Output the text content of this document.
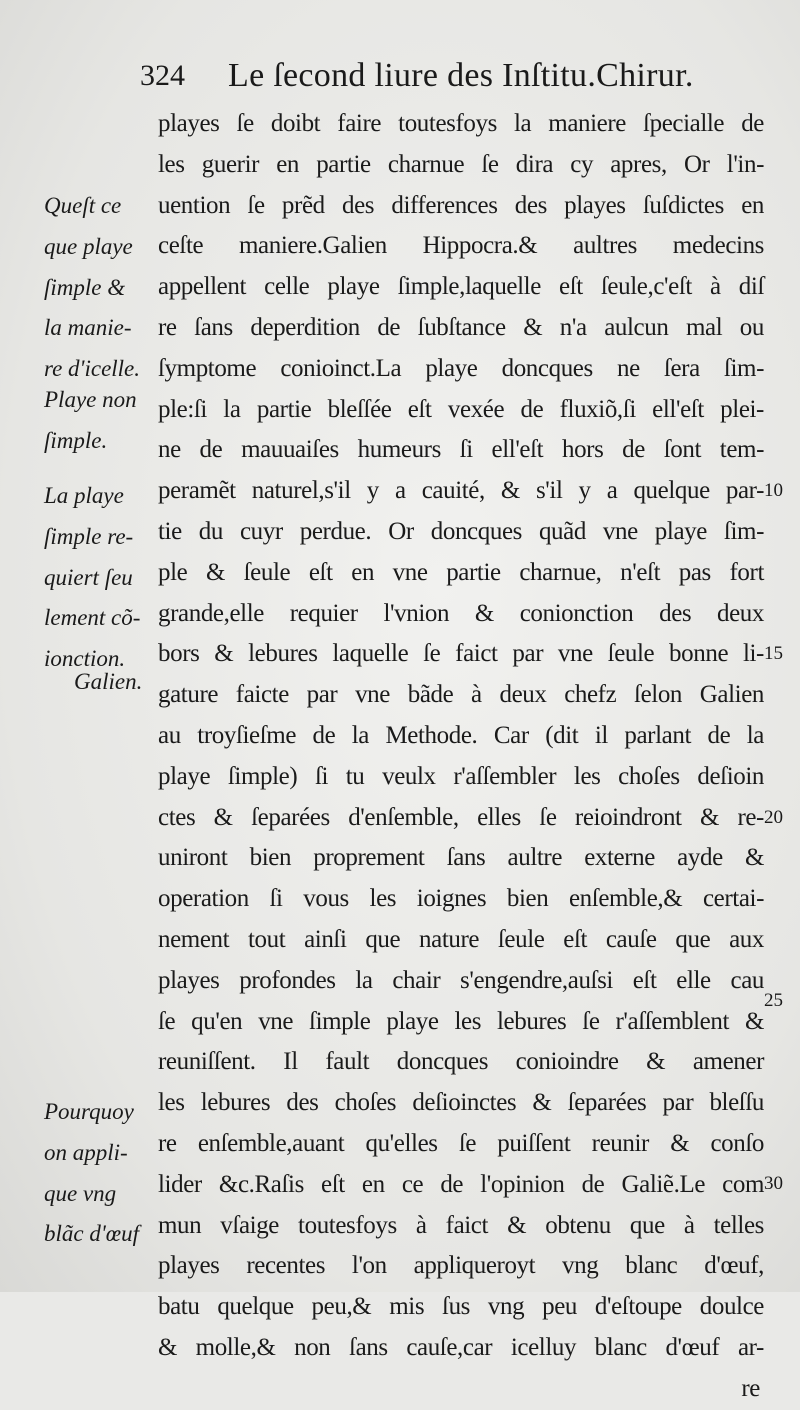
324 Le ſecond liure des Inſtitu.Chirur.
playes ſe doibt faire toutesfoys la maniere ſpecialle de
les guerir en partie charnue ſe dira cy apres, Or l'in-
uention ſe prẽd des differences des playes ſuſdictes en
ceſte maniere.Galien Hippocra.& aultres medecins
appellent celle playe ſimple,laquelle eſt ſeule,c'eſt à diſ
re ſans deperdition de ſubſtance & n'a aulcun mal ou
ſymptome conioinct.La playe doncques ne ſera ſim-
ple:ſi la partie bleſſée eſt vexée de fluxiõ,ſi ell'eſt plei-
ne de mauuaiſes humeurs ſi ell'eſt hors de ſont tem-
peramẽt naturel,s'il y a cauité, & s'il y a quelque par-
tie du cuyr perdue. Or doncques quãd vne playe ſim-
ple & ſeule eſt en vne partie charnue, n'eſt pas fort
grande,elle requier l'vnion & conionction des deux
bors & lebures laquelle ſe faict par vne ſeule bonne li-
gature faicte par vne bãde à deux chefz ſelon Galien
au troyſieſme de la Methode. Car (dit il parlant de la
playe ſimple) ſi tu veulx r'aſſembler les choſes deſioin
ctes & ſeparées d'enſemble, elles ſe reioindront & re-
uniront bien proprement ſans aultre externe ayde &
operation ſi vous les ioignes bien enſemble,& certai-
nement tout ainſi que nature ſeule eſt cauſe que aux
playes profondes la chair s'engendre,auſsi eſt elle cau
ſe qu'en vne ſimple playe les lebures ſe r'aſſemblent &
reuniſſent. Il fault doncques conioindre & amener
les lebures des choſes deſioinctes & ſeparées par bleſſu
re enſemble,auant qu'elles ſe puiſſent reunir & conſo
lider &c.Raſis eſt en ce de l'opinion de Galiẽ.Le com
mun vſaige toutesfoys à faict & obtenu que à telles
playes recentes l'on appliqueroyt vng blanc d'œuf,
batu quelque peu,& mis ſus vng peu d'eſtoupe doulce
& molle,& non ſans cauſe,car icelluy blanc d'œuf ar-
re
Queſt ce
que playe
ſimple &
la manie-
re d'icelle.
Playe non
ſimple.
La playe
ſimple re-
quiert ſeu
lement cõ-
ionction.
Galien.
Pourquoy
on appli-
que vng
blãc d'œuf
10
15
20
25
30
